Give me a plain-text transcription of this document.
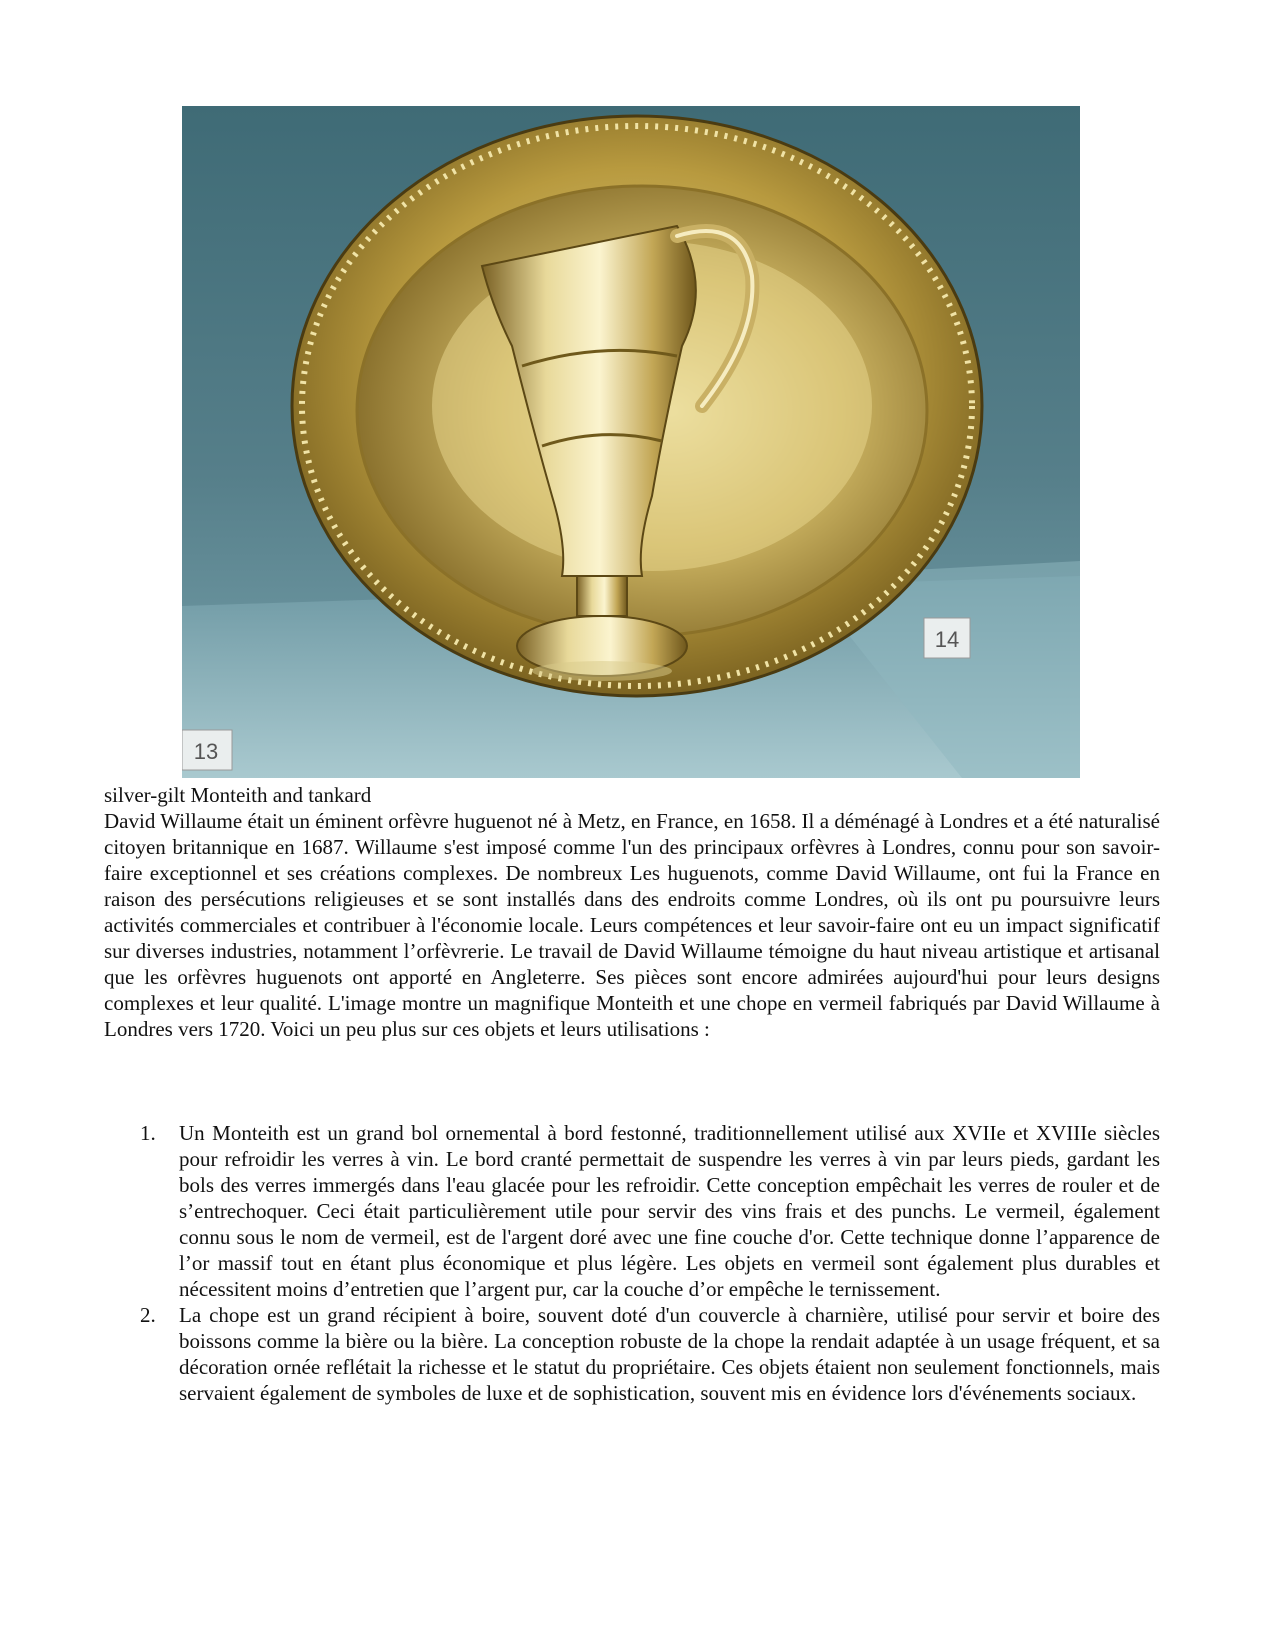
14
13

silver-gilt Monteith and tankard

David Willaume était un éminent orfèvre huguenot né à Metz, en France, en 1658. Il a déménagé à Londres et a été naturalisé citoyen britannique en 1687. Willaume s'est imposé comme l'un des principaux orfèvres à Londres, connu pour son savoir-faire exceptionnel et ses créations complexes. De nombreux Les huguenots, comme David Willaume, ont fui la France en raison des persécutions religieuses et se sont installés dans des endroits comme Londres, où ils ont pu poursuivre leurs activités commerciales et contribuer à l'économie locale. Leurs compétences et leur savoir-faire ont eu un impact significatif sur diverses industries, notamment l’orfèvrerie. Le travail de David Willaume témoigne du haut niveau artistique et artisanal que les orfèvres huguenots ont apporté en Angleterre. Ses pièces sont encore admirées aujourd'hui pour leurs designs complexes et leur qualité. L'image montre un magnifique Monteith et une chope en vermeil fabriqués par David Willaume à Londres vers 1720. Voici un peu plus sur ces objets et leurs utilisations :

1. Un Monteith est un grand bol ornemental à bord festonné, traditionnellement utilisé aux XVIIe et XVIIIe siècles pour refroidir les verres à vin. Le bord cranté permettait de suspendre les verres à vin par leurs pieds, gardant les bols des verres immergés dans l'eau glacée pour les refroidir. Cette conception empêchait les verres de rouler et de s’entrechoquer. Ceci était particulièrement utile pour servir des vins frais et des punchs. Le vermeil, également connu sous le nom de vermeil, est de l'argent doré avec une fine couche d'or. Cette technique donne l’apparence de l’or massif tout en étant plus économique et plus légère. Les objets en vermeil sont également plus durables et nécessitent moins d’entretien que l’argent pur, car la couche d’or empêche le ternissement.
2. La chope est un grand récipient à boire, souvent doté d'un couvercle à charnière, utilisé pour servir et boire des boissons comme la bière ou la bière. La conception robuste de la chope la rendait adaptée à un usage fréquent, et sa décoration ornée reflétait la richesse et le statut du propriétaire. Ces objets étaient non seulement fonctionnels, mais servaient également de symboles de luxe et de sophistication, souvent mis en évidence lors d'événements sociaux.
